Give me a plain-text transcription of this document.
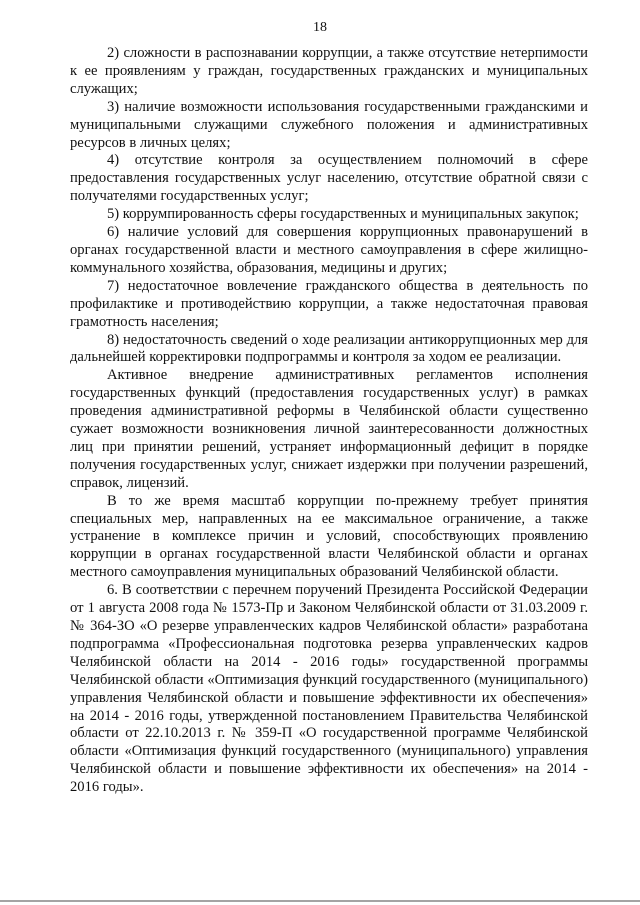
18

2) сложности в распознавании коррупции, а также отсутствие нетерпимости к ее проявлениям у граждан, государственных гражданских и муниципальных служащих;

3) наличие возможности использования государственными гражданскими и муниципальными служащими служебного положения и административных ресурсов в личных целях;

4) отсутствие контроля за осуществлением полномочий в сфере предоставления государственных услуг населению, отсутствие обратной связи с получателями государственных услуг;

5) коррумпированность сферы государственных и муниципальных закупок;

6) наличие условий для совершения коррупционных правонарушений в органах государственной власти и местного самоуправления в сфере жилищно-коммунального хозяйства, образования, медицины и других;

7) недостаточное вовлечение гражданского общества в деятельность по профилактике и противодействию коррупции, а также недостаточная правовая грамотность населения;

8) недостаточность сведений о ходе реализации антикоррупционных мер для дальнейшей корректировки подпрограммы и контроля за ходом ее реализации.

Активное внедрение административных регламентов исполнения государственных функций (предоставления государственных услуг) в рамках проведения административной реформы в Челябинской области существенно сужает возможности возникновения личной заинтересованности должностных лиц при принятии решений, устраняет информационный дефицит в порядке получения государственных услуг, снижает издержки при получении разрешений, справок, лицензий.

В то же время масштаб коррупции по-прежнему требует принятия специальных мер, направленных на ее максимальное ограничение, а также устранение в комплексе причин и условий, способствующих проявлению коррупции в органах государственной власти Челябинской области и органах местного самоуправления муниципальных образований Челябинской области.

6. В соответствии с перечнем поручений Президента Российской Федерации от 1 августа 2008 года № 1573-Пр и Законом Челябинской области от 31.03.2009 г. № 364-ЗО «О резерве управленческих кадров Челябинской области» разработана подпрограмма «Профессиональная подготовка резерва управленческих кадров Челябинской области на 2014 - 2016 годы» государственной программы Челябинской области «Оптимизация функций государственного (муниципального) управления Челябинской области и повышение эффективности их обеспечения» на 2014 - 2016 годы, утвержденной постановлением Правительства Челябинской области от 22.10.2013 г. № 359-П «О государственной программе Челябинской области «Оптимизация функций государственного (муниципального) управления Челябинской области и повышение эффективности их обеспечения» на 2014 - 2016 годы».
